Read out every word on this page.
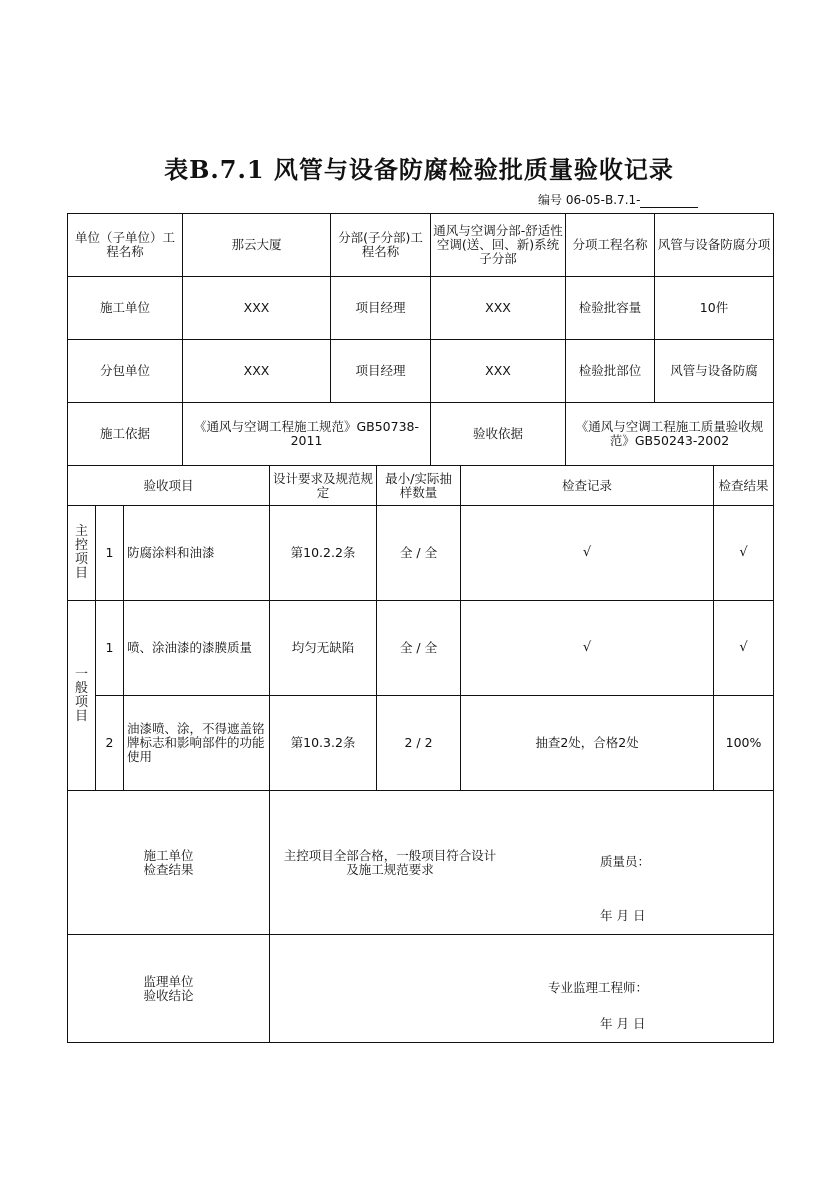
表B.7.1 风管与设备防腐检验批质量验收记录
编号 06-05-B.7.1-
单位（子单位）工程名称	那云大厦	分部(子分部)工程名称	通风与空调分部-舒适性空调(送、回、新)系统子分部	分项工程名称	风管与设备防腐分项
施工单位	XXX	项目经理	XXX	检验批容量	10件
分包单位	XXX	项目经理	XXX	检验批部位	风管与设备防腐
施工依据	《通风与空调工程施工规范》GB50738-2011		验收依据	《通风与空调工程施工质量验收规范》GB50243-2002	
验收项目			设计要求及规范规定	最小/实际抽样数量	检查记录	检查结果

主控项目	1	防腐涂料和油漆	第10.2.2条	全 / 全	√	√

一般项目	1	喷、涂油漆的漆膜质量	均匀无缺陷	全 / 全	√	√
	2	油漆喷、涂，不得遮盖铭牌标志和影响部件的功能使用	第10.3.2条	2 / 2	抽查2处，合格2处	100%

施工单位检查结果			主控项目全部合格，一般项目符合设计及施工规范要求
质量员：
年 月 日			

监理单位验收结论			专业监理工程师：
年 月 日			
